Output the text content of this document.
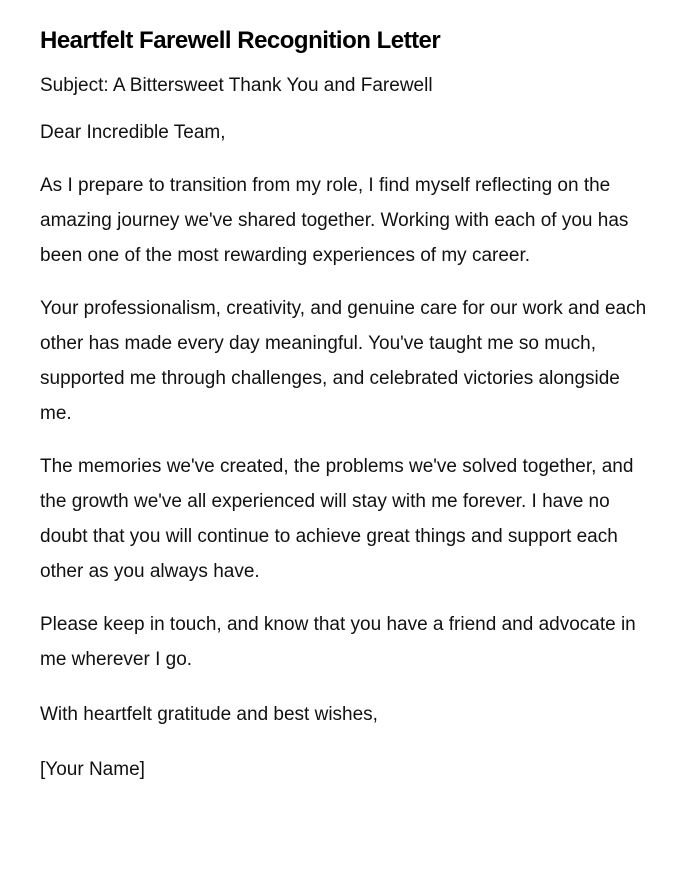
Heartfelt Farewell Recognition Letter

Subject: A Bittersweet Thank You and Farewell

Dear Incredible Team,

As I prepare to transition from my role, I find myself reflecting on the amazing journey we've shared together. Working with each of you has been one of the most rewarding experiences of my career.

Your professionalism, creativity, and genuine care for our work and each other has made every day meaningful. You've taught me so much, supported me through challenges, and celebrated victories alongside me.

The memories we've created, the problems we've solved together, and the growth we've all experienced will stay with me forever. I have no doubt that you will continue to achieve great things and support each other as you always have.

Please keep in touch, and know that you have a friend and advocate in me wherever I go.

With heartfelt gratitude and best wishes,

[Your Name]
